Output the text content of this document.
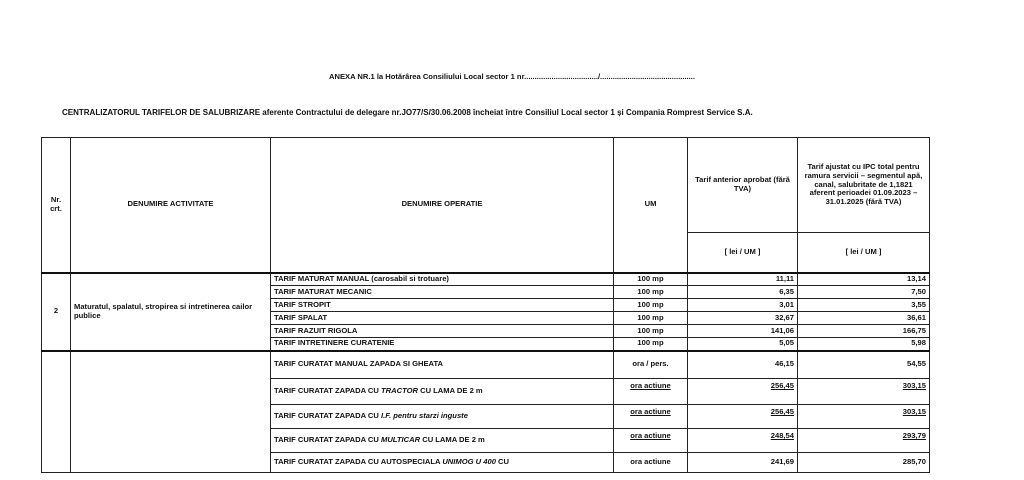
ANEXA NR.1 la Hotărârea Consiliului Local sector 1 nr.................................../.............................................
CENTRALIZATORUL TARIFELOR DE SALUBRIZARE aferente Contractului de delegare nr.JO77/S/30.06.2008 încheiat între Consiliul Local sector 1 și Compania Romprest Service S.A.
Nr. crt.	DENUMIRE ACTIVITATE	DENUMIRE OPERATIE	UM	Tarif anterior aprobat (fără TVA)	Tarif ajustat cu IPC total pentru ramura servicii – segmentul apă, canal, salubritate de 1,1821 aferent perioadei 01.09.2023 – 31.01.2025 (fără TVA)
				[ lei / UM ]	[ lei / UM ]
2	Maturatul, spalatul, stropirea si intretinerea cailor publice	TARIF MATURAT MANUAL (carosabil si trotuare)	100 mp	11,11	13,14
		TARIF MATURAT MECANIC	100 mp	6,35	7,50
		TARIF STROPIT	100 mp	3,01	3,55
		TARIF SPALAT	100 mp	32,67	36,61
		TARIF RAZUIT RIGOLA	100 mp	141,06	166,75
		TARIF INTRETINERE CURATENIE	100 mp	5,05	5,98
		TARIF CURATAT MANUAL ZAPADA SI GHEATA	ora / pers.	46,15	54,55
		TARIF CURATAT ZAPADA CU TRACTOR CU LAMA DE 2 m	ora actiune	256,45	303,15
		TARIF CURATAT ZAPADA CU I.F. pentru starzi inguste	ora actiune	256,45	303,15
		TARIF CURATAT ZAPADA CU MULTICAR CU LAMA DE 2 m	ora actiune	248,54	293,79
		TARIF CURATAT ZAPADA CU AUTOSPECIALA UNIMOG U 400 CU	ora actiune	241,69	285,70
